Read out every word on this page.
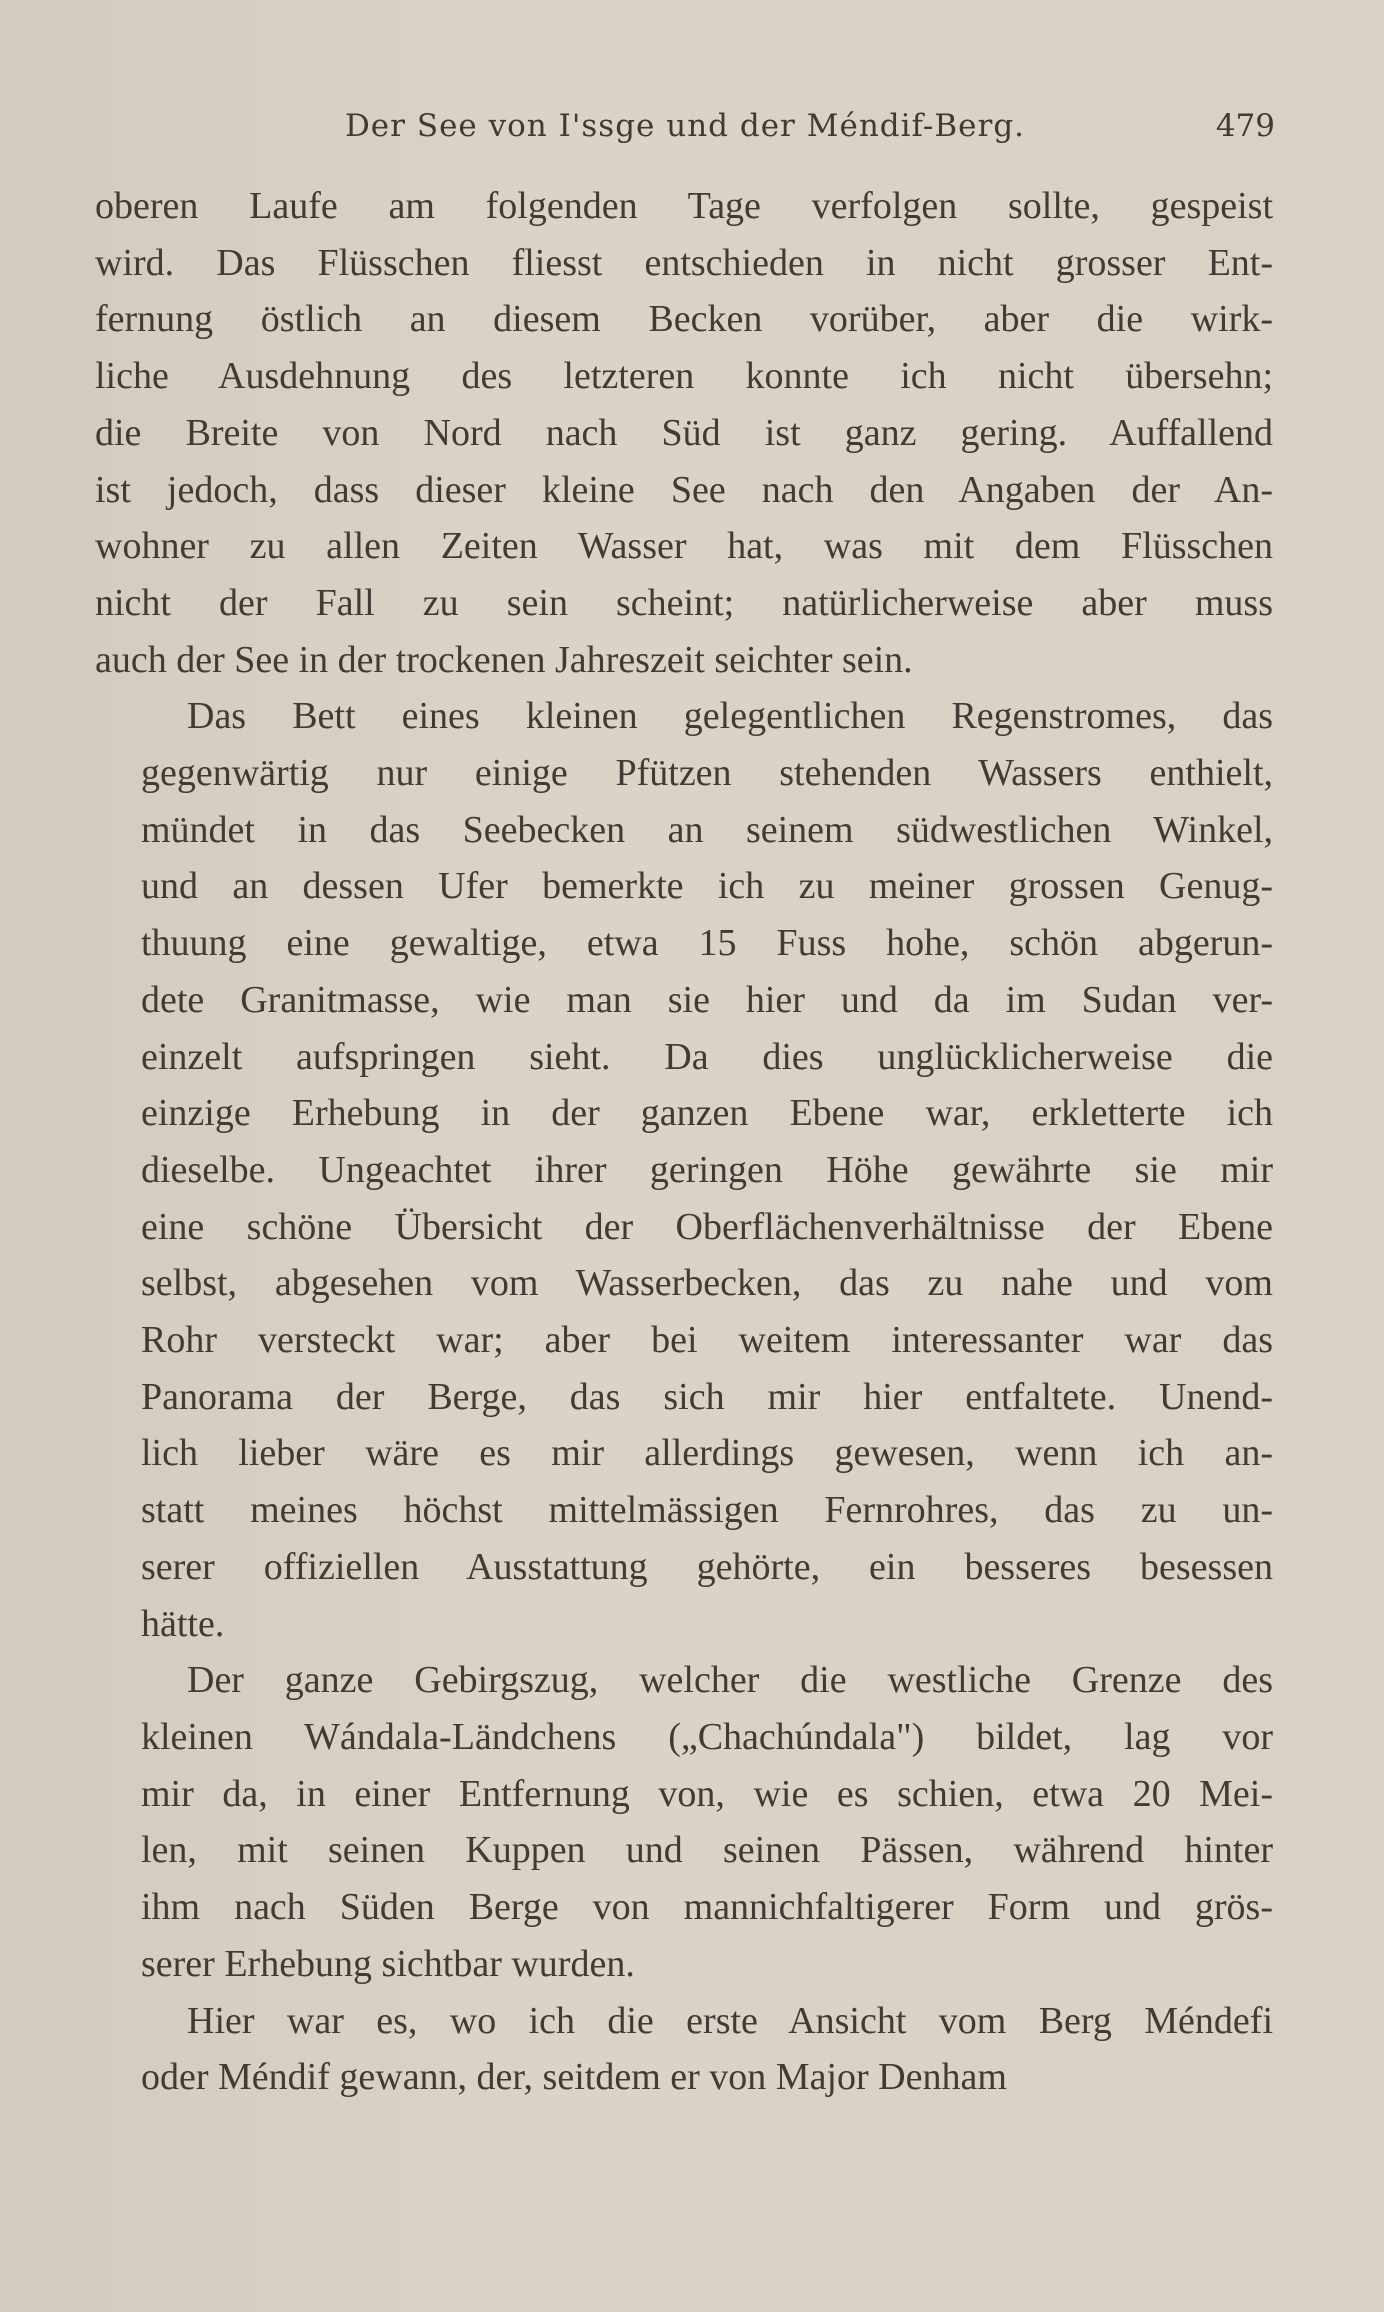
Der See von I'ssge und der Méndif-Berg.	479
oberen Laufe am folgenden Tage verfolgen sollte, gespeist
wird. Das Flüsschen fliesst entschieden in nicht grosser Ent-
fernung östlich an diesem Becken vorüber, aber die wirk-
liche Ausdehnung des letzteren konnte ich nicht übersehn;
die Breite von Nord nach Süd ist ganz gering. Auffallend
ist jedoch, dass dieser kleine See nach den Angaben der An-
wohner zu allen Zeiten Wasser hat, was mit dem Flüsschen
nicht der Fall zu sein scheint; natürlicherweise aber muss
auch der See in der trockenen Jahreszeit seichter sein.
Das Bett eines kleinen gelegentlichen Regenstromes, das
gegenwärtig nur einige Pfützen stehenden Wassers enthielt,
mündet in das Seebecken an seinem südwestlichen Winkel,
und an dessen Ufer bemerkte ich zu meiner grossen Genug-
thuung eine gewaltige, etwa 15 Fuss hohe, schön abgerun-
dete Granitmasse, wie man sie hier und da im Sudan ver-
einzelt aufspringen sieht. Da dies unglücklicherweise die
einzige Erhebung in der ganzen Ebene war, erkletterte ich
dieselbe. Ungeachtet ihrer geringen Höhe gewährte sie mir
eine schöne Übersicht der Oberflächenverhältnisse der Ebene
selbst, abgesehen vom Wasserbecken, das zu nahe und vom
Rohr versteckt war; aber bei weitem interessanter war das
Panorama der Berge, das sich mir hier entfaltete. Unend-
lich lieber wäre es mir allerdings gewesen, wenn ich an-
statt meines höchst mittelmässigen Fernrohres, das zu un-
serer offiziellen Ausstattung gehörte, ein besseres besessen
hätte.
Der ganze Gebirgszug, welcher die westliche Grenze des
kleinen Wándala-Ländchens („Chachúndala") bildet, lag vor
mir da, in einer Entfernung von, wie es schien, etwa 20 Mei-
len, mit seinen Kuppen und seinen Pässen, während hinter
ihm nach Süden Berge von mannichfaltigerer Form und grös-
serer Erhebung sichtbar wurden.
Hier war es, wo ich die erste Ansicht vom Berg Méndefi
oder Méndif gewann, der, seitdem er von Major Denham
